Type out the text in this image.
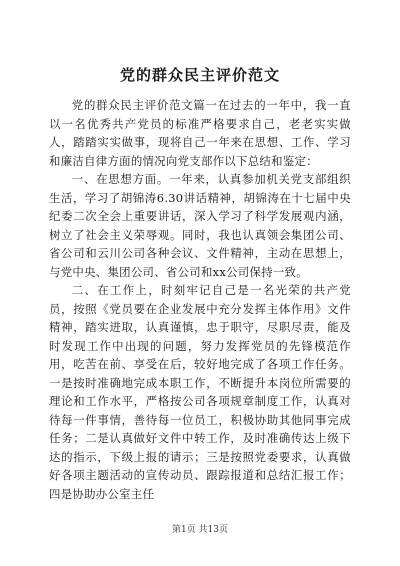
党的群众民主评价范文

党的群众民主评价范文篇一在过去的一年中，我一直以一名优秀共产党员的标准严格要求自己，老老实实做人，踏踏实实做事，现将自己一年来在思想、工作、学习和廉洁自律方面的情况向党支部作以下总结和鉴定：

一、在思想方面。一年来，认真参加机关党支部组织生活，学习了胡锦涛6.30讲话精神，胡锦涛在十七届中央纪委二次全会上重要讲话，深入学习了科学发展观内涵，树立了社会主义荣辱观。同时，我也认真领会集团公司、省公司和云川公司各种会议、文件精神，主动在思想上，与党中央、集团公司、省公司和xx公司保持一致。

二、在工作上，时刻牢记自己是一名光荣的共产党员，按照《党员要在企业发展中充分发挥主体作用》文件精神，踏实进取，认真谨慎，忠于职守，尽职尽责，能及时发现工作中出现的问题，努力发挥党员的先锋模范作用，吃苦在前、享受在后，较好地完成了各项工作任务。一是按时准确地完成本职工作，不断提升本岗位所需要的理论和工作水平，严格按公司各项规章制度工作，认真对待每一件事情，善待每一位员工，积极协助其他同事完成任务；二是认真做好文件中转工作，及时准确传达上级下达的指示，下级上报的请示；三是按照党委要求，认真做好各项主题活动的宣传动员、跟踪报道和总结汇报工作；四是协助办公室主任

第1页 共13页
